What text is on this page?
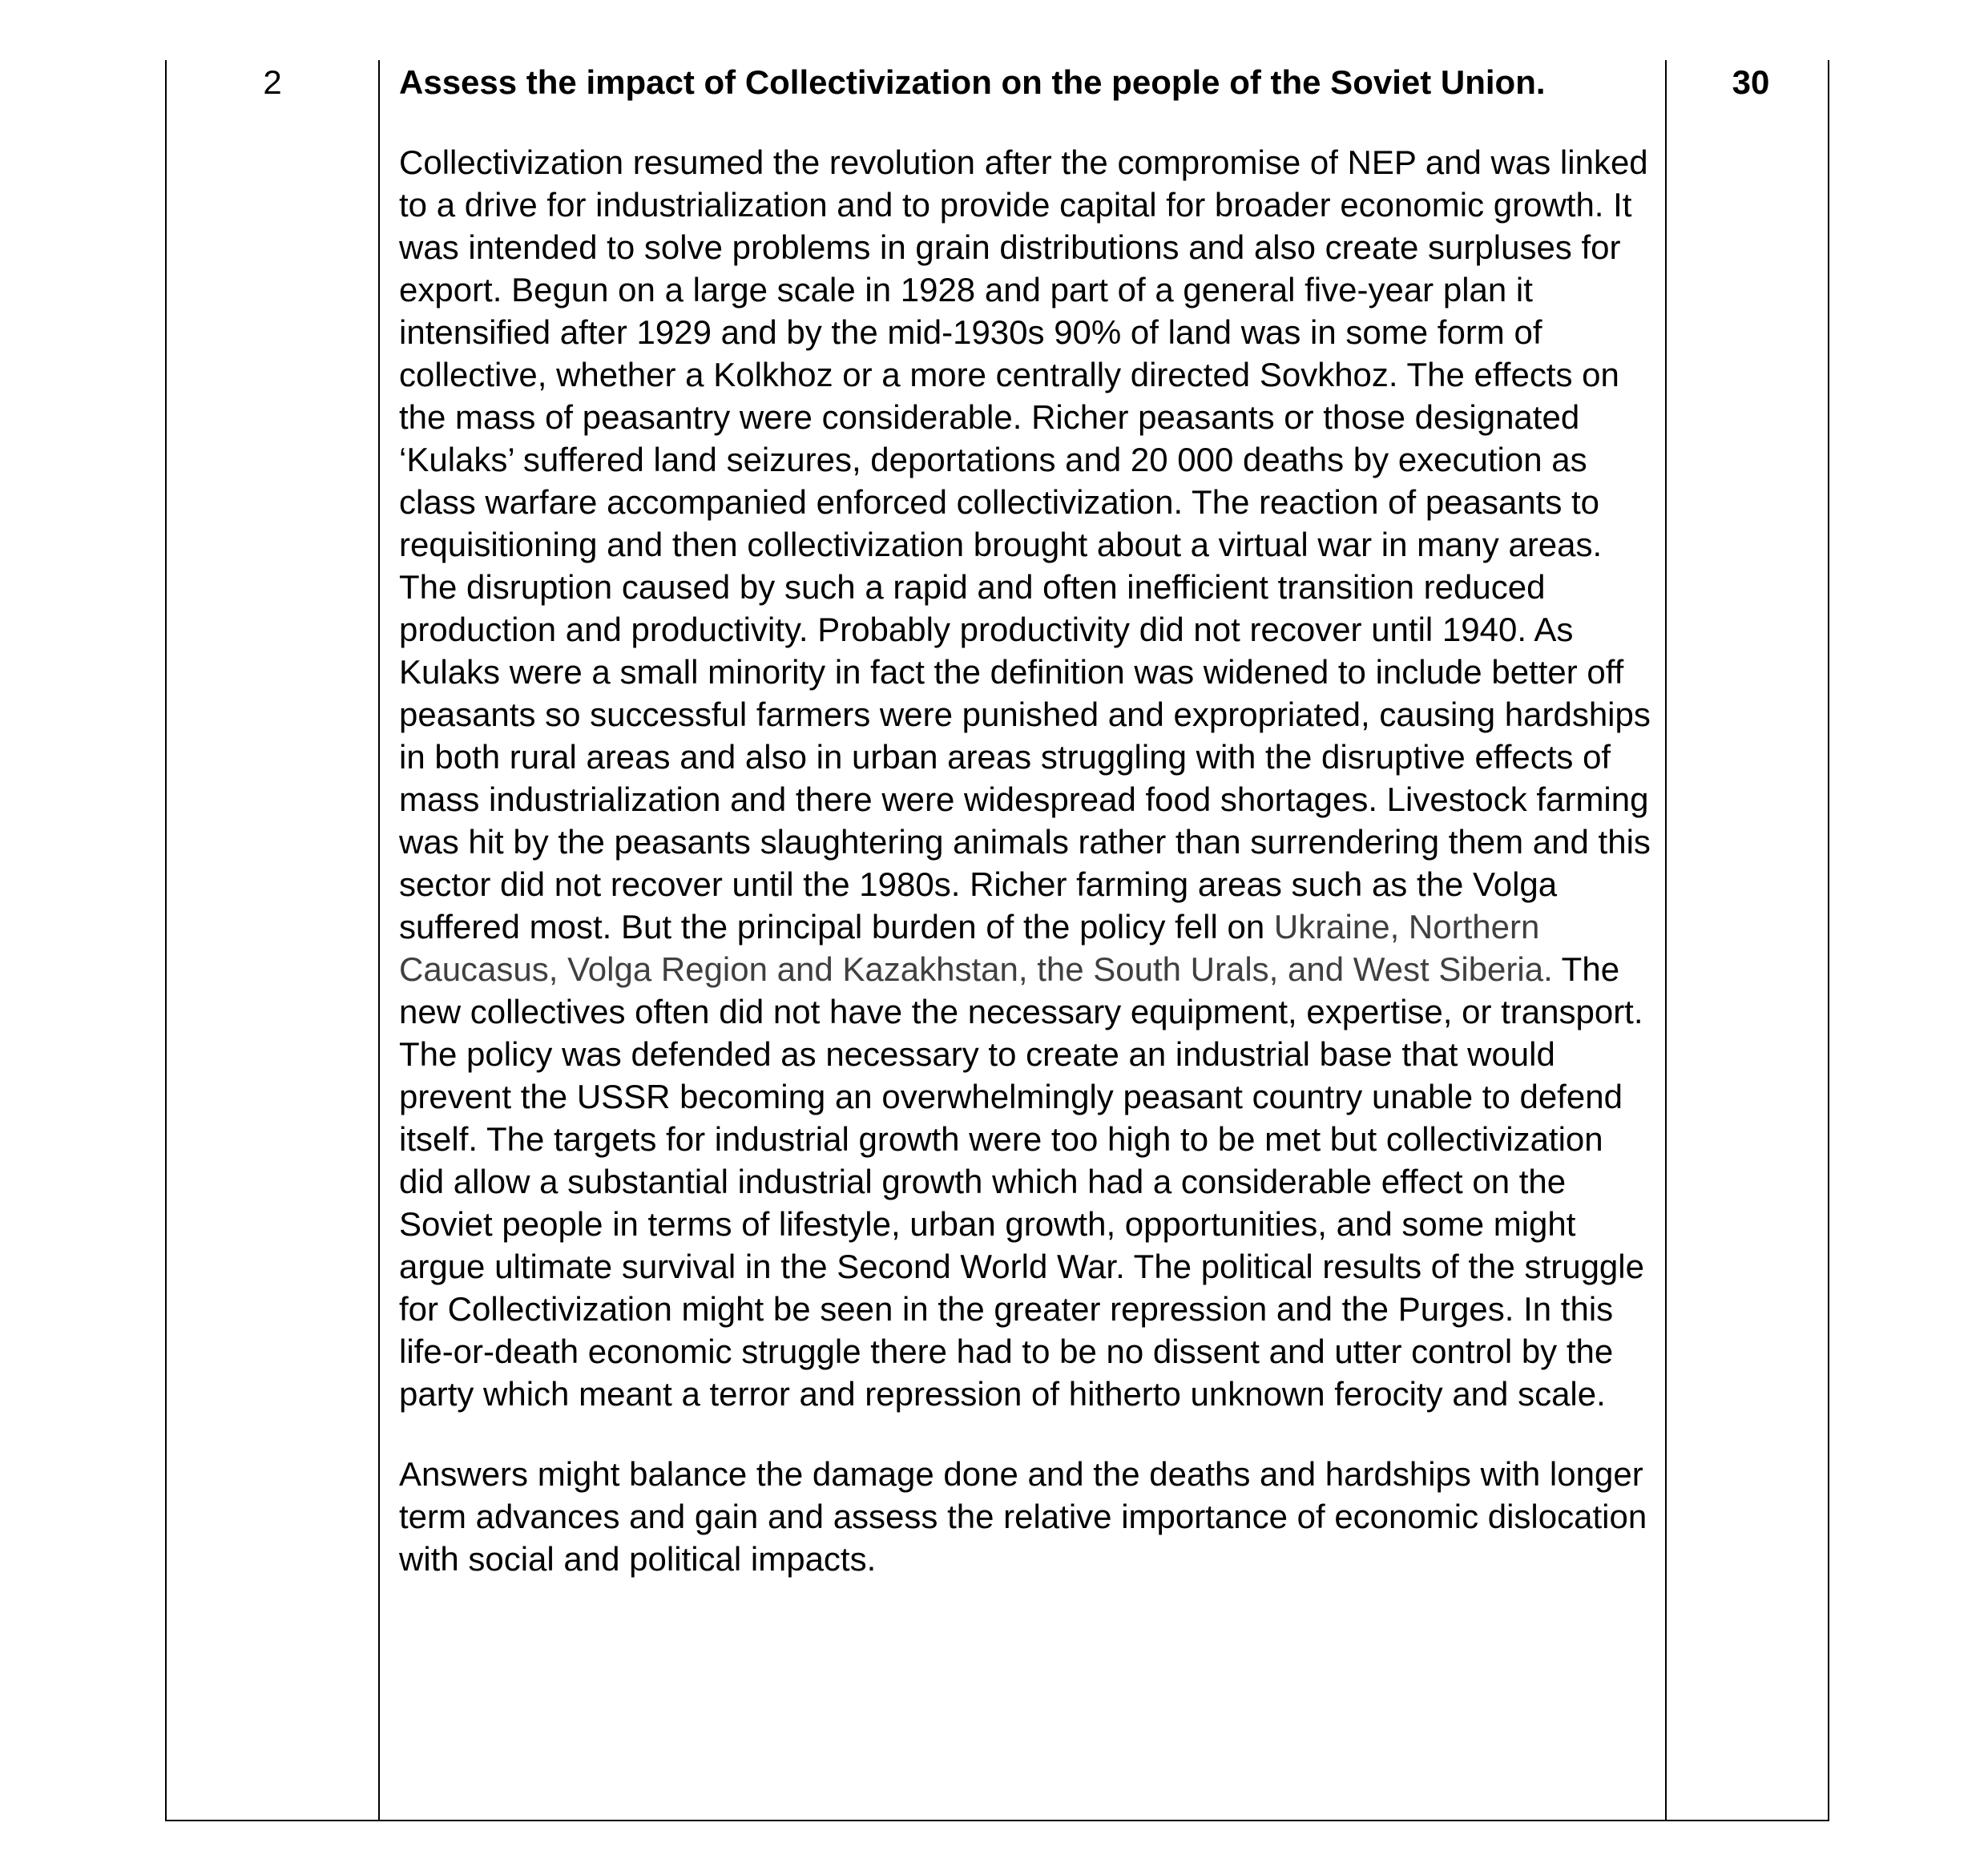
2	Assess the impact of Collectivization on the people of the Soviet Union.

Collectivization resumed the revolution after the compromise of NEP and was linked to a drive for industrialization and to provide capital for broader economic growth. It was intended to solve problems in grain distributions and also create surpluses for export. Begun on a large scale in 1928 and part of a general five-year plan it intensified after 1929 and by the mid-1930s 90% of land was in some form of collective, whether a Kolkhoz or a more centrally directed Sovkhoz. The effects on the mass of peasantry were considerable. Richer peasants or those designated ‘Kulaks’ suffered land seizures, deportations and 20 000 deaths by execution as class warfare accompanied enforced collectivization. The reaction of peasants to requisitioning and then collectivization brought about a virtual war in many areas. The disruption caused by such a rapid and often inefficient transition reduced production and productivity. Probably productivity did not recover until 1940. As Kulaks were a small minority in fact the definition was widened to include better off peasants so successful farmers were punished and expropriated, causing hardships in both rural areas and also in urban areas struggling with the disruptive effects of mass industrialization and there were widespread food shortages. Livestock farming was hit by the peasants slaughtering animals rather than surrendering them and this sector did not recover until the 1980s. Richer farming areas such as the Volga suffered most. But the principal burden of the policy fell on Ukraine, Northern Caucasus, Volga Region and Kazakhstan, the South Urals, and West Siberia. The new collectives often did not have the necessary equipment, expertise, or transport. The policy was defended as necessary to create an industrial base that would prevent the USSR becoming an overwhelmingly peasant country unable to defend itself. The targets for industrial growth were too high to be met but collectivization did allow a substantial industrial growth which had a considerable effect on the Soviet people in terms of lifestyle, urban growth, opportunities, and some might argue ultimate survival in the Second World War. The political results of the struggle for Collectivization might be seen in the greater repression and the Purges. In this life-or-death economic struggle there had to be no dissent and utter control by the party which meant a terror and repression of hitherto unknown ferocity and scale.

Answers might balance the damage done and the deaths and hardships with longer term advances and gain and assess the relative importance of economic dislocation with social and political impacts.

30
